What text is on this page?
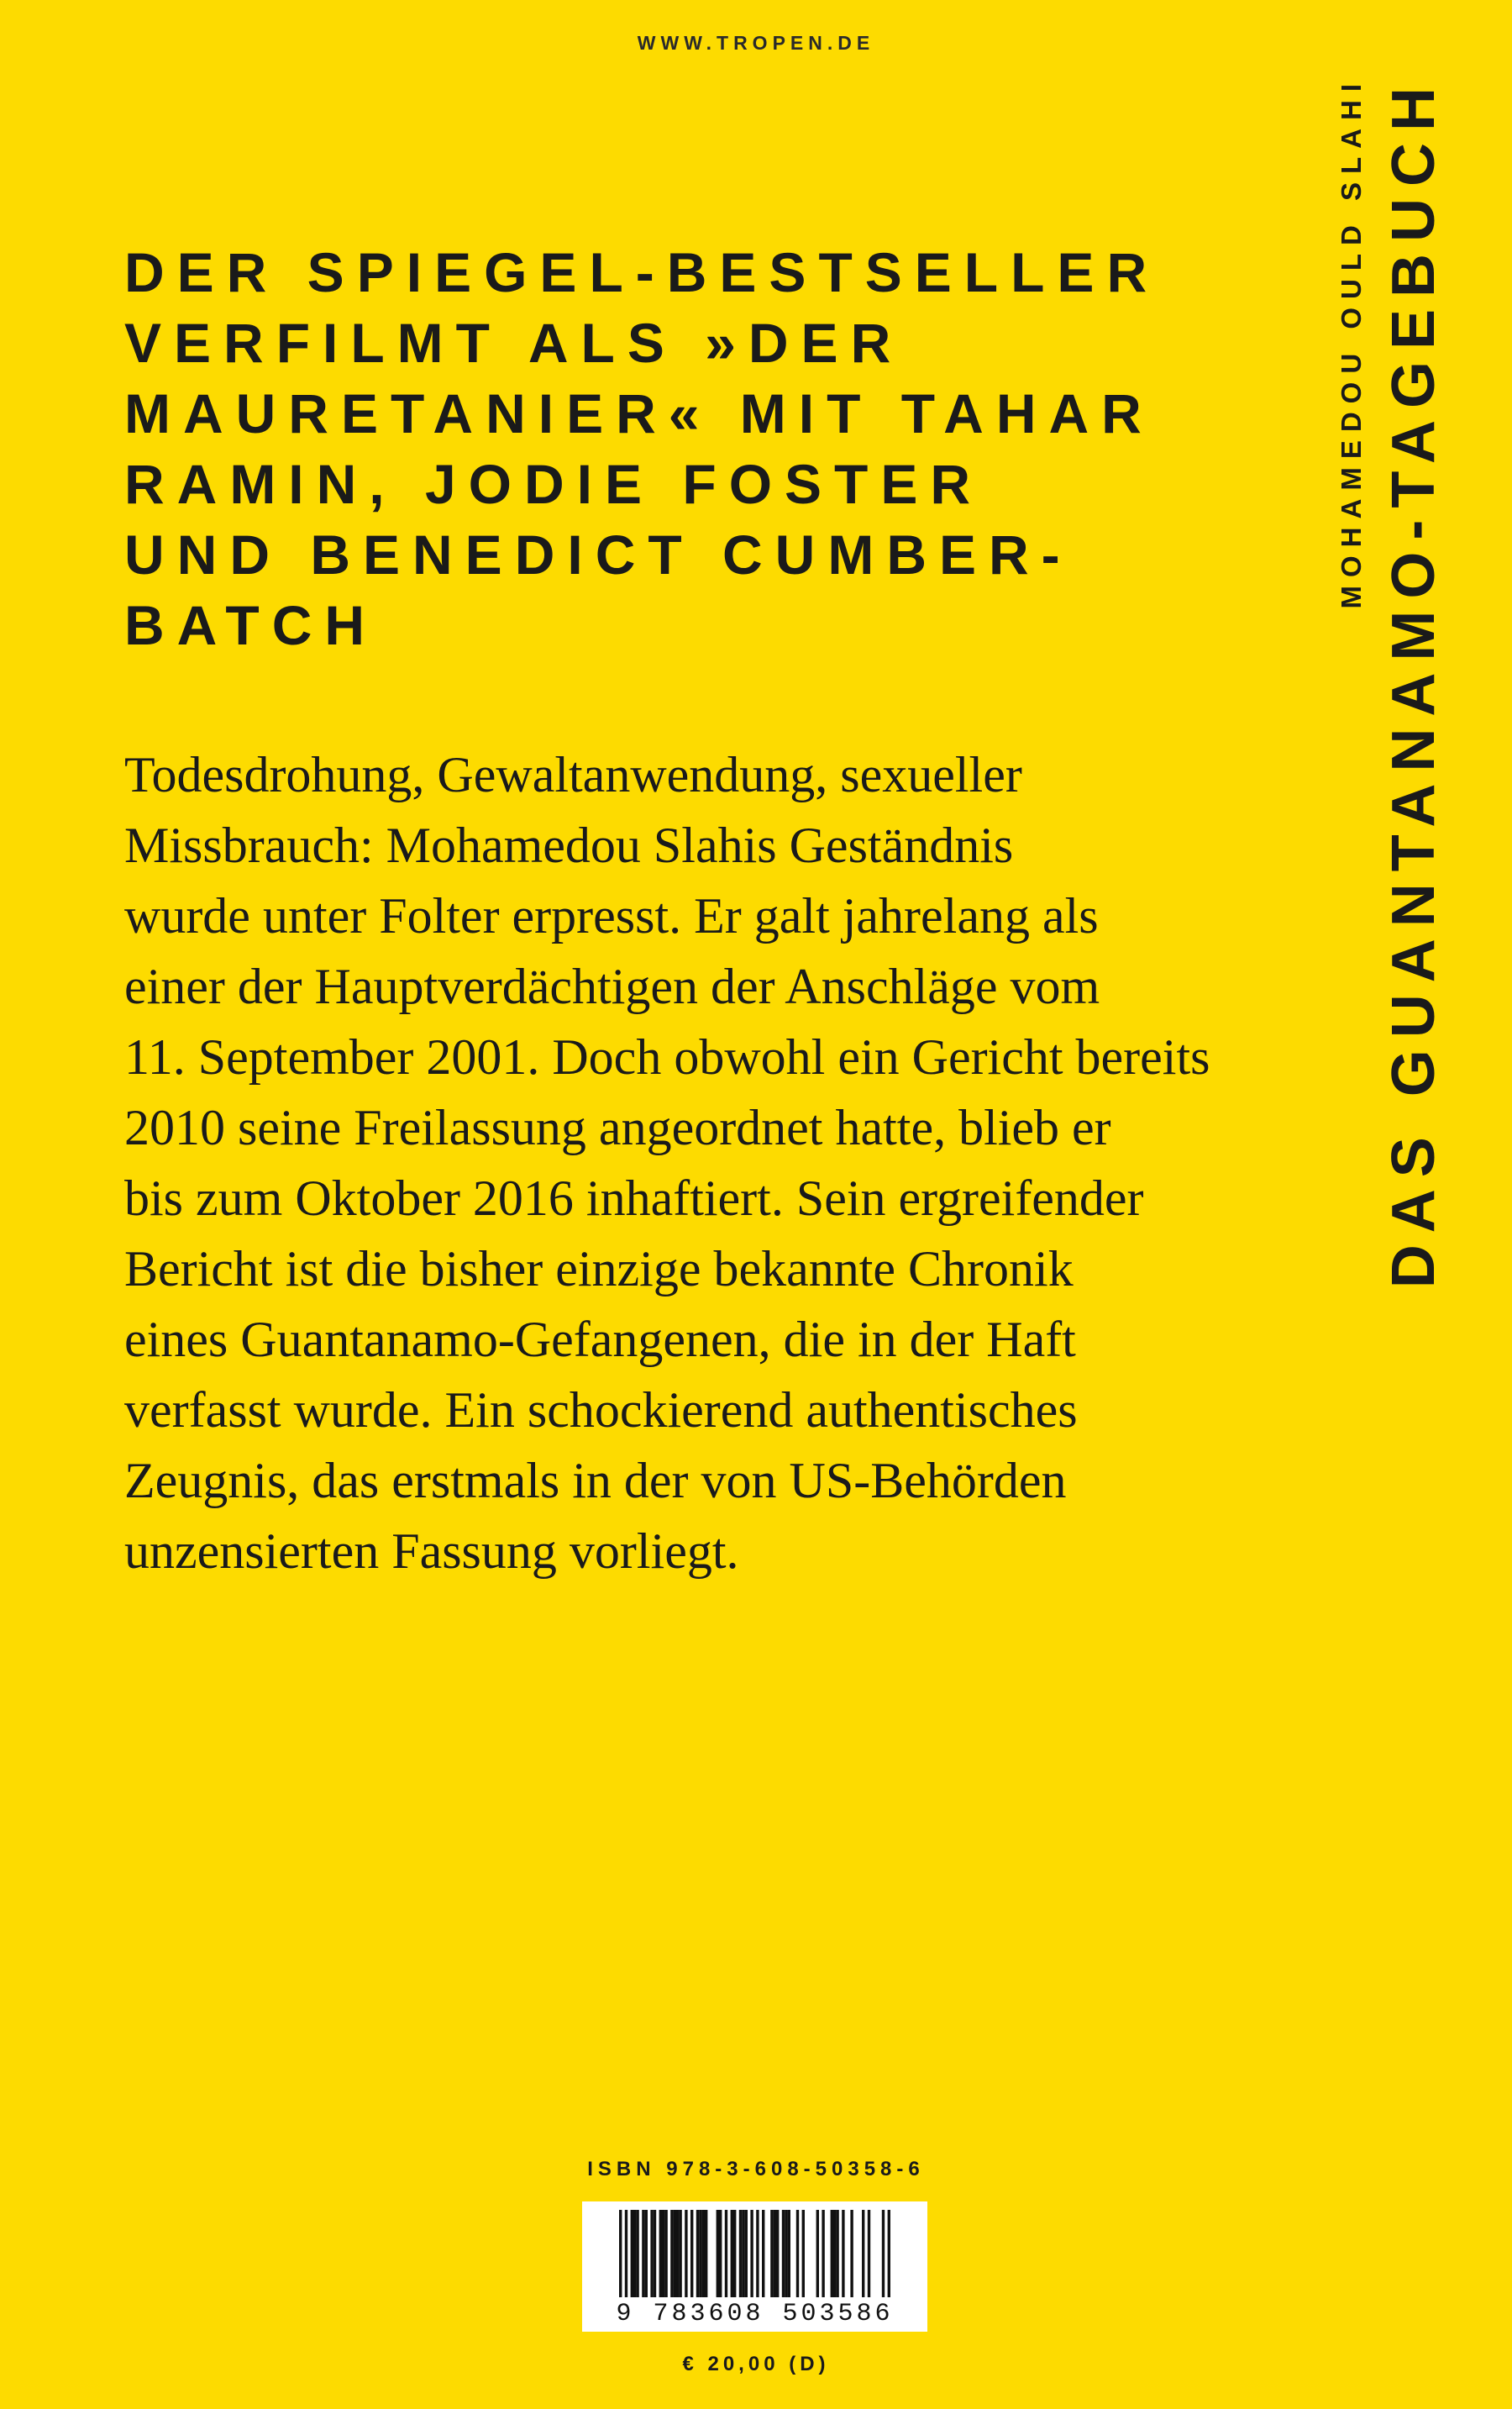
WWW.TROPEN.DE
DER SPIEGEL-BESTSELLER
VERFILMT ALS »DER
MAURETANIER« MIT TAHAR
RAMIN, JODIE FOSTER
UND BENEDICT CUMBER-
BATCH
Todesdrohung, Gewaltanwendung, sexueller
Missbrauch: Mohamedou Slahis Geständnis
wurde unter Folter erpresst. Er galt jahrelang als
einer der Hauptverdächtigen der Anschläge vom
11. September 2001. Doch obwohl ein Gericht bereits
2010 seine Freilassung angeordnet hatte, blieb er
bis zum Oktober 2016 inhaftiert. Sein ergreifender
Bericht ist die bisher einzige bekannte Chronik
eines Guantanamo-Gefangenen, die in der Haft
verfasst wurde. Ein schockierend authentisches
Zeugnis, das erstmals in der von US-Behörden
unzensierten Fassung vorliegt.
MOHAMEDOU OULD SLAHI DAS GUANTANAMO-TAGEBUCH
ISBN 978-3-608-50358-6
9 783608 503586
€ 20,00 (D)
